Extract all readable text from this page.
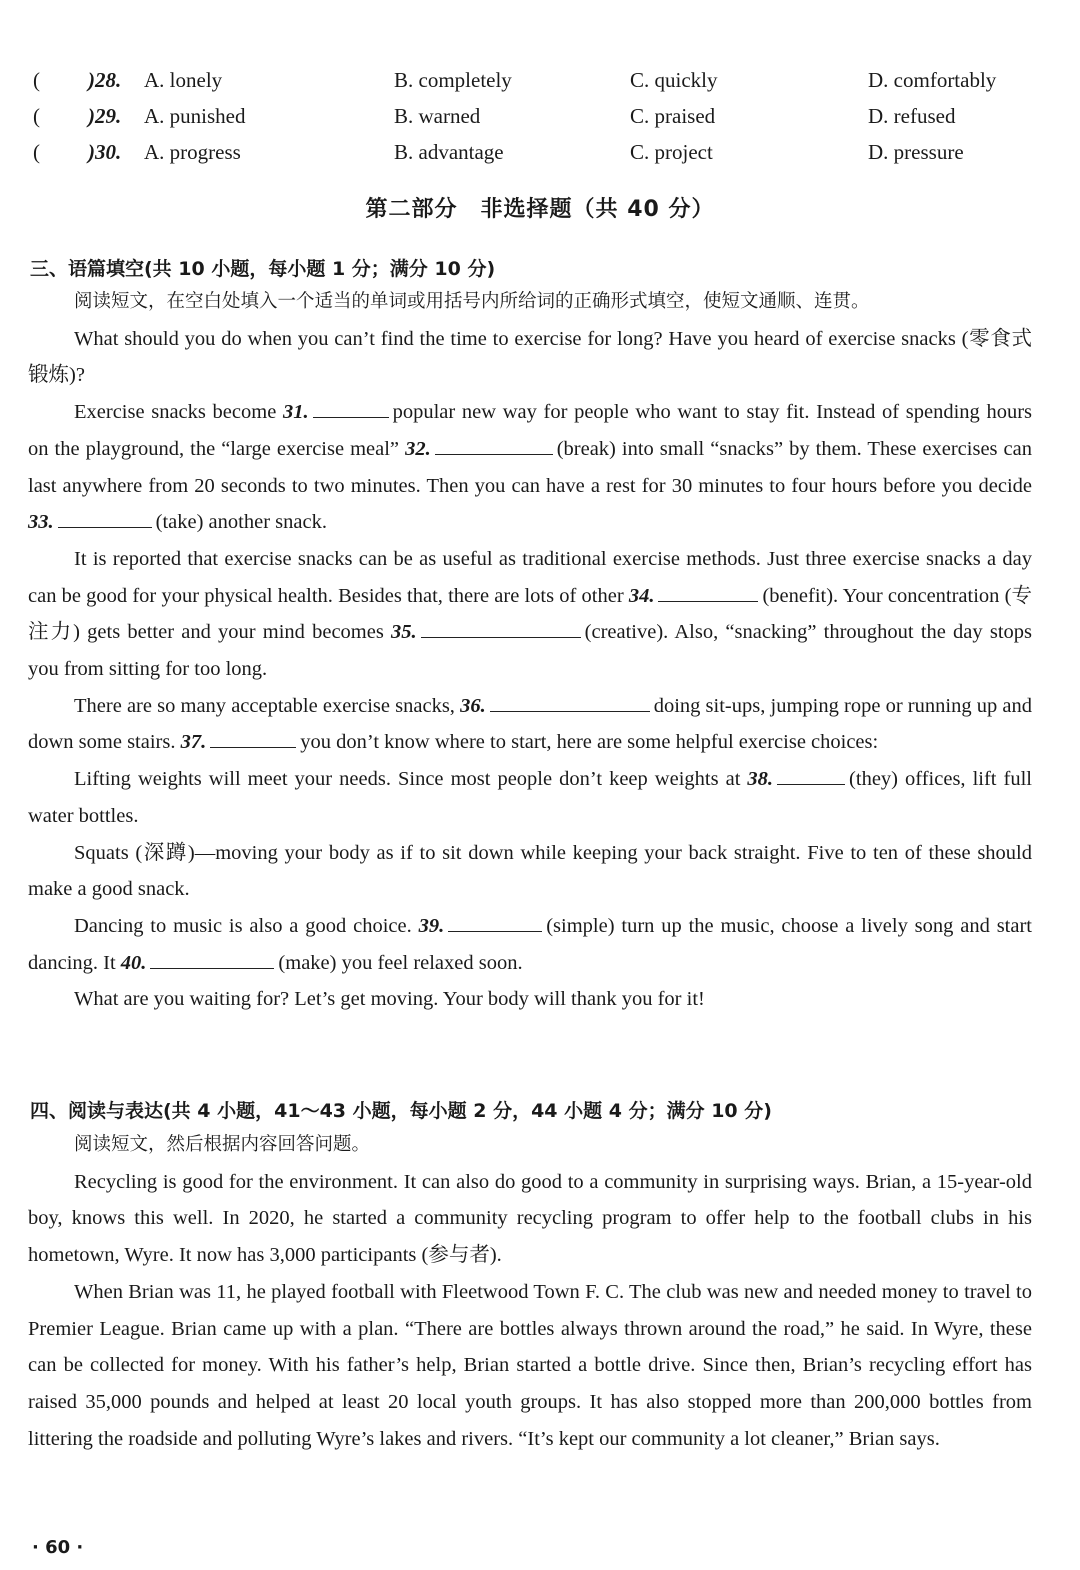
( )28. A. lonely	B. completely	C. quickly	D. comfortably
( )29. A. punished	B. warned	C. praised	D. refused
( )30. A. progress	B. advantage	C. project	D. pressure
第二部分　非选择题（共 40 分）
三、语篇填空(共 10 小题，每小题 1 分；满分 10 分)

阅读短文，在空白处填入一个适当的单词或用括号内所给词的正确形式填空，使短文通顺、连贯。

What should you do when you can’t find the time to exercise for long? Have you heard of exercise snacks (零食式锻炼)?

Exercise snacks become 31.	popular new way for people who want to stay fit. Instead of spending hours on the playground, the “large exercise meal” 32.	(break) into small “snacks” by them. These exercises can last anywhere from 20 seconds to two minutes. Then you can have a rest for 30 minutes to four hours before you decide 33.	(take) another snack.

It is reported that exercise snacks can be as useful as traditional exercise methods. Just three exercise snacks a day can be good for your physical health. Besides that, there are lots of other 34.	(benefit). Your concentration (专注力) gets better and your mind becomes 35.	(creative). Also, “snacking” throughout the day stops you from sitting for too long.

There are so many acceptable exercise snacks, 36.	doing sit-ups, jumping rope or running up and down some stairs. 37.	you don’t know where to start, here are some helpful exercise choices:

Lifting weights will meet your needs. Since most people don’t keep weights at 38.	(they) offices, lift full water bottles.

Squats (深蹲)—moving your body as if to sit down while keeping your back straight. Five to ten of these should make a good snack.

Dancing to music is also a good choice. 39.	(simple) turn up the music, choose a lively song and start dancing. It 40.	(make) you feel relaxed soon.

What are you waiting for? Let’s get moving. Your body will thank you for it!

四、阅读与表达(共 4 小题，41～43 小题，每小题 2 分，44 小题 4 分；满分 10 分)

阅读短文，然后根据内容回答问题。

Recycling is good for the environment. It can also do good to a community in surprising ways. Brian, a 15-year-old boy, knows this well. In 2020, he started a community recycling program to offer help to the football clubs in his hometown, Wyre. It now has 3,000 participants (参与者).

When Brian was 11, he played football with Fleetwood Town F. C. The club was new and needed money to travel to Premier League. Brian came up with a plan. “There are bottles always thrown around the road,” he said. In Wyre, these can be collected for money. With his father’s help, Brian started a bottle drive. Since then, Brian’s recycling effort has raised 35,000 pounds and helped at least 20 local youth groups. It has also stopped more than 200,000 bottles from littering the roadside and polluting Wyre’s lakes and rivers. “It’s kept our community a lot cleaner,” Brian says.

· 60 ·
